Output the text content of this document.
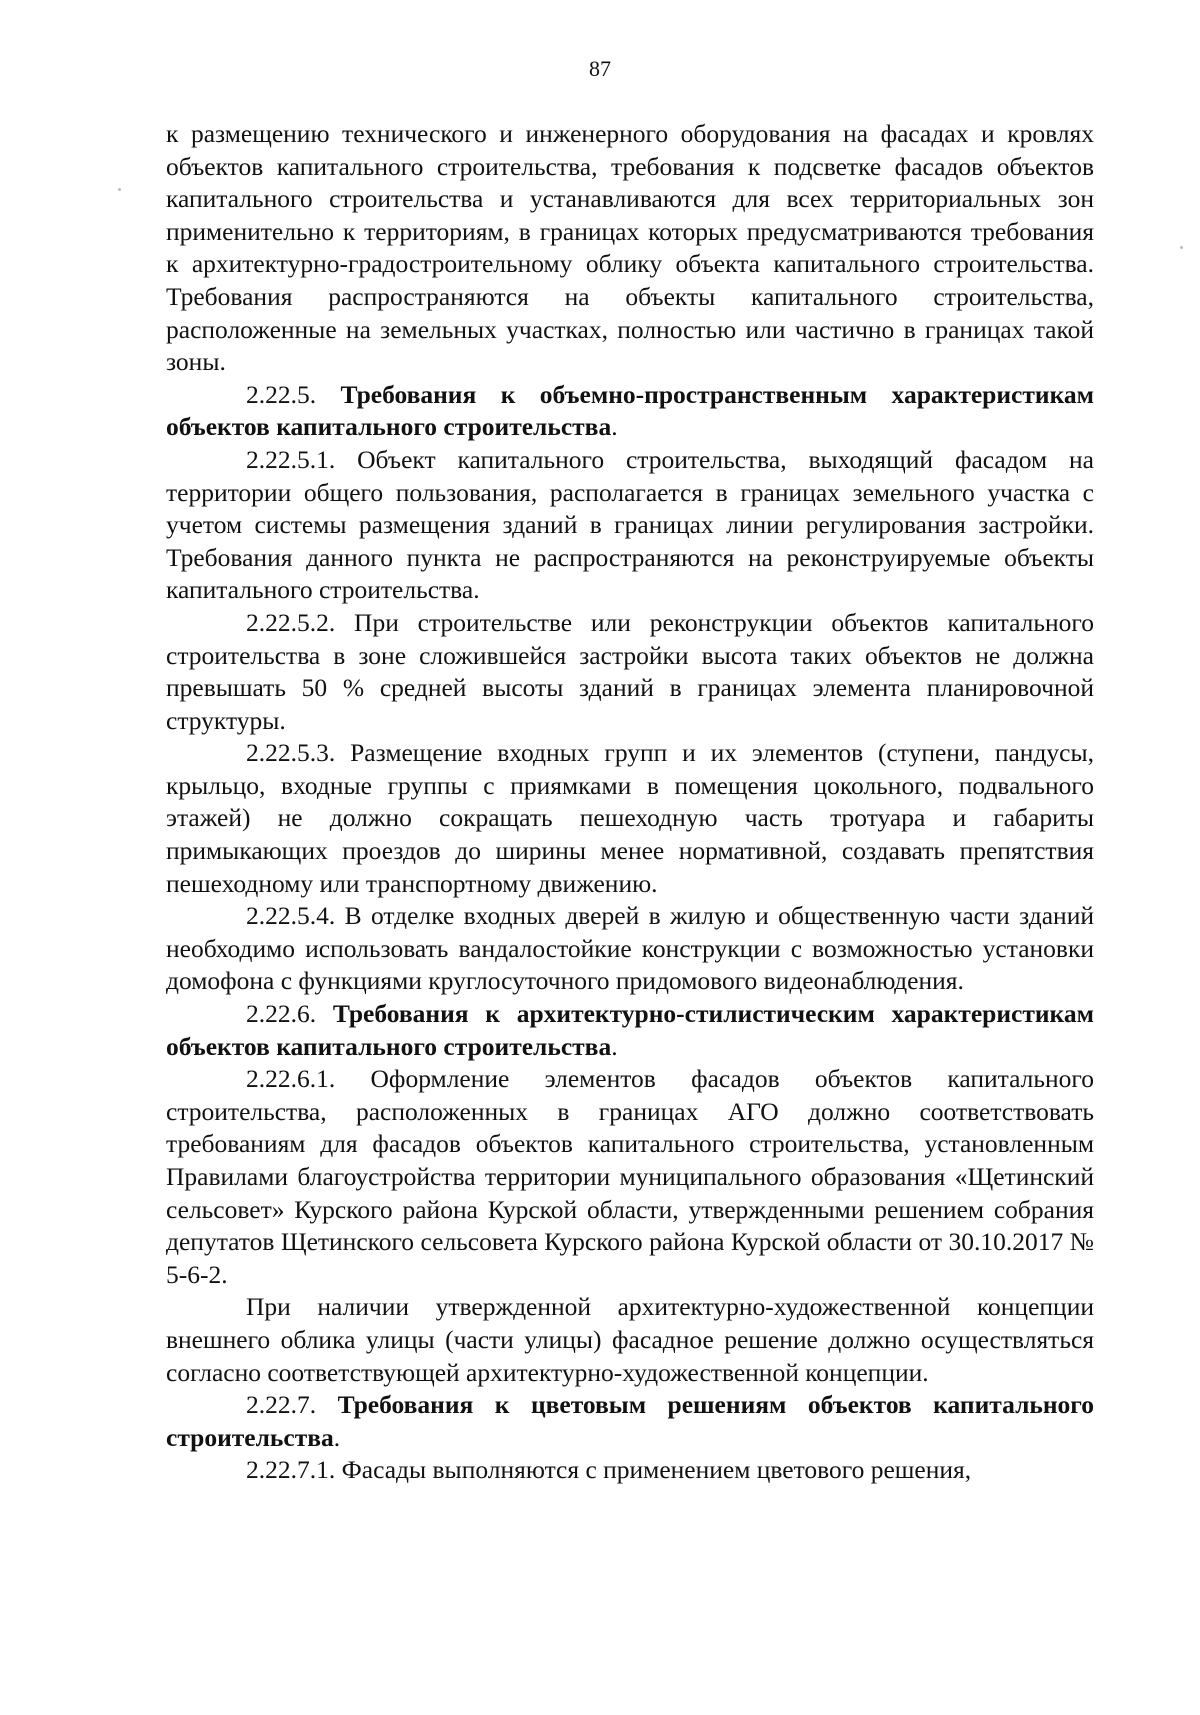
87

к размещению технического и инженерного оборудования на фасадах и кровлях объектов капитального строительства, требования к подсветке фасадов объектов капитального строительства и устанавливаются для всех территориальных зон применительно к территориям, в границах которых предусматриваются требования к архитектурно-градостроительному облику объекта капитального строительства. Требования распространяются на объекты капитального строительства, расположенные на земельных участках, полностью или частично в границах такой зоны.

2.22.5. Требования к объемно-пространственным характеристикам объектов капитального строительства.

2.22.5.1. Объект капитального строительства, выходящий фасадом на территории общего пользования, располагается в границах земельного участка с учетом системы размещения зданий в границах линии регулирования застройки. Требования данного пункта не распространяются на реконструируемые объекты капитального строительства.

2.22.5.2. При строительстве или реконструкции объектов капитального строительства в зоне сложившейся застройки высота таких объектов не должна превышать 50 % средней высоты зданий в границах элемента планировочной структуры.

2.22.5.3. Размещение входных групп и их элементов (ступени, пандусы, крыльцо, входные группы с приямками в помещения цокольного, подвального этажей) не должно сокращать пешеходную часть тротуара и габариты примыкающих проездов до ширины менее нормативной, создавать препятствия пешеходному или транспортному движению.

2.22.5.4. В отделке входных дверей в жилую и общественную части зданий необходимо использовать вандалостойкие конструкции с возможностью установки домофона с функциями круглосуточного придомового видеонаблюдения.

2.22.6. Требования к архитектурно-стилистическим характеристикам объектов капитального строительства.

2.22.6.1. Оформление элементов фасадов объектов капитального строительства, расположенных в границах АГО должно соответствовать требованиям для фасадов объектов капитального строительства, установленным Правилами благоустройства территории муниципального образования «Щетинский сельсовет» Курского района Курской области, утвержденными решением собрания депутатов Щетинского сельсовета Курского района Курской области от 30.10.2017 № 5-6-2.

При наличии утвержденной архитектурно-художественной концепции внешнего облика улицы (части улицы) фасадное решение должно осуществляться согласно соответствующей архитектурно-художественной концепции.

2.22.7. Требования к цветовым решениям объектов капитального строительства.

2.22.7.1. Фасады выполняются с применением цветового решения,
